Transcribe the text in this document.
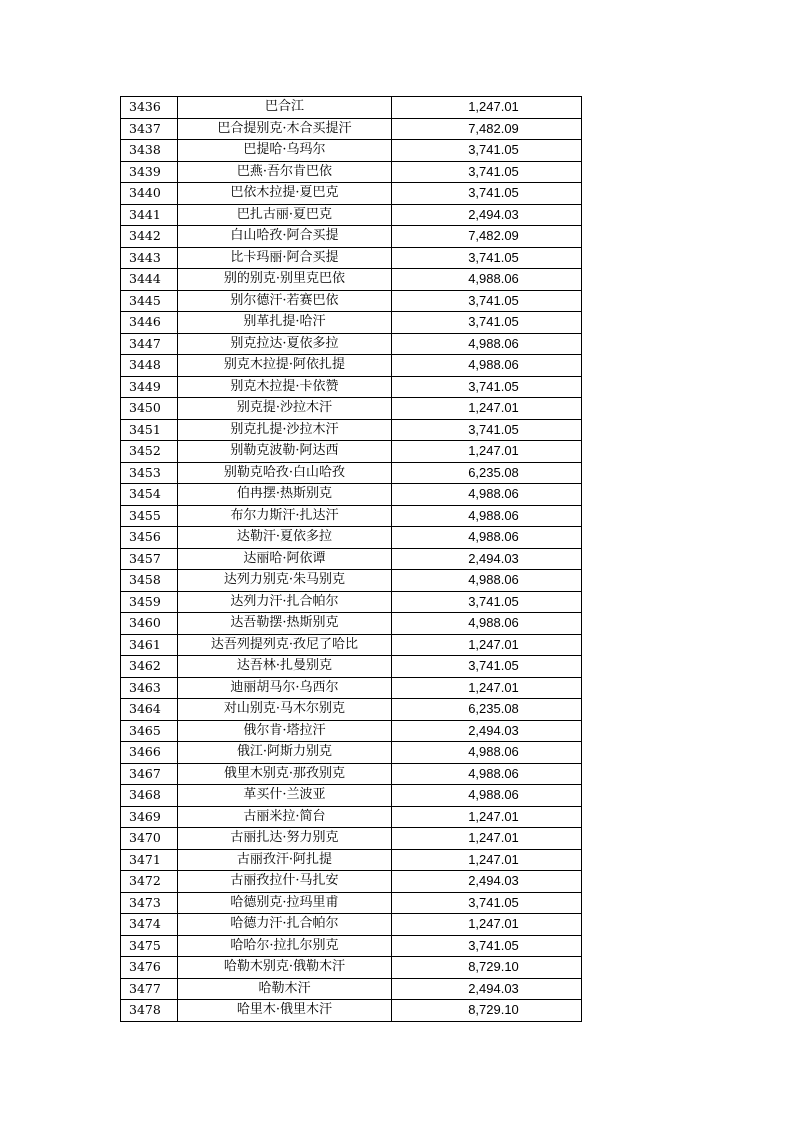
3436	巴合江	1,247.01
3437	巴合提别克·木合买提汗	7,482.09
3438	巴提哈·乌玛尔	3,741.05
3439	巴燕·吾尔肯巴依	3,741.05
3440	巴依木拉提·夏巴克	3,741.05
3441	巴扎古丽·夏巴克	2,494.03
3442	白山哈孜·阿合买提	7,482.09
3443	比卡玛丽·阿合买提	3,741.05
3444	别的别克·别里克巴依	4,988.06
3445	别尔德汗·若赛巴依	3,741.05
3446	别革扎提·哈汗	3,741.05
3447	别克拉达·夏依多拉	4,988.06
3448	别克木拉提·阿依扎提	4,988.06
3449	别克木拉提·卡依赞	3,741.05
3450	别克提·沙拉木汗	1,247.01
3451	别克扎提·沙拉木汗	3,741.05
3452	别勒克波勒·阿达西	1,247.01
3453	别勒克哈孜·白山哈孜	6,235.08
3454	伯冉摆·热斯别克	4,988.06
3455	布尔力斯汗·扎达汗	4,988.06
3456	达勒汗·夏依多拉	4,988.06
3457	达丽哈·阿依谭	2,494.03
3458	达列力别克·朱马别克	4,988.06
3459	达列力汗·扎合帕尔	3,741.05
3460	达吾勒摆·热斯别克	4,988.06
3461	达吾列提列克·孜尼了哈比	1,247.01
3462	达吾林·扎曼别克	3,741.05
3463	迪丽胡马尔·乌西尔	1,247.01
3464	对山别克·马木尔别克	6,235.08
3465	俄尔肯·塔拉汗	2,494.03
3466	俄江·阿斯力别克	4,988.06
3467	俄里木别克·那孜别克	4,988.06
3468	革买什·兰波亚	4,988.06
3469	古丽米拉·简台	1,247.01
3470	古丽扎达·努力别克	1,247.01
3471	古丽孜汗·阿扎提	1,247.01
3472	古丽孜拉什·马扎安	2,494.03
3473	哈德别克·拉玛里甫	3,741.05
3474	哈德力汗·扎合帕尔	1,247.01
3475	哈哈尔·拉扎尔别克	3,741.05
3476	哈勒木别克·俄勒木汗	8,729.10
3477	哈勒木汗	2,494.03
3478	哈里木·俄里木汗	8,729.10
